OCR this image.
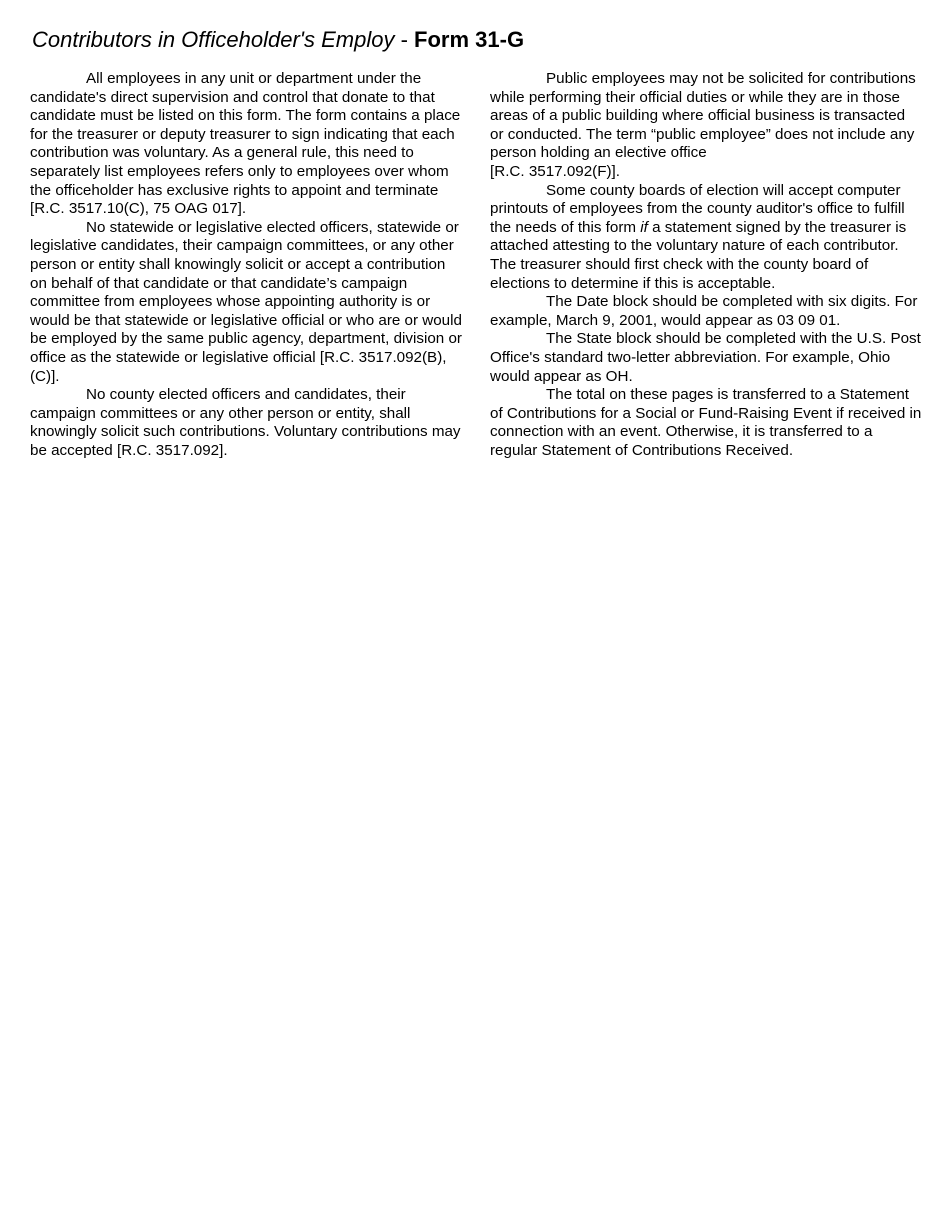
Contributors in Officeholder's Employ - Form 31-G

All employees in any unit or department under the candidate's direct supervision and control that donate to that candidate must be listed on this form. The form contains a place for the treasurer or deputy treasurer to sign indicating that each contribution was voluntary. As a general rule, this need to separately list employees refers only to employees over whom the officeholder has exclusive rights to appoint and terminate [R.C. 3517.10(C), 75 OAG 017].

No statewide or legislative elected officers, statewide or legislative candidates, their campaign committees, or any other person or entity shall knowingly solicit or accept a contribution on behalf of that candidate or that candidate’s campaign committee from employees whose appointing authority is or would be that statewide or legislative official or who are or would be employed by the same public agency, department, division or office as the statewide or legislative official [R.C. 3517.092(B), (C)].

No county elected officers and candidates, their campaign committees or any other person or entity, shall knowingly solicit such contributions. Voluntary contributions may be accepted [R.C. 3517.092].

Public employees may not be solicited for contributions while performing their official duties or while they are in those areas of a public building where official business is transacted or conducted. The term “public employee” does not include any person holding an elective office
[R.C. 3517.092(F)].

Some county boards of election will accept computer printouts of employees from the county auditor's office to fulfill the needs of this form if a statement signed by the treasurer is attached attesting to the voluntary nature of each contributor. The treasurer should first check with the county board of elections to determine if this is acceptable.

The Date block should be completed with six digits. For example, March 9, 2001, would appear as 03 09 01.

The State block should be completed with the U.S. Post Office's standard two-letter abbreviation. For example, Ohio would appear as OH.

The total on these pages is transferred to a Statement of Contributions for a Social or Fund-Raising Event if received in connection with an event. Otherwise, it is transferred to a regular Statement of Contributions Received.
